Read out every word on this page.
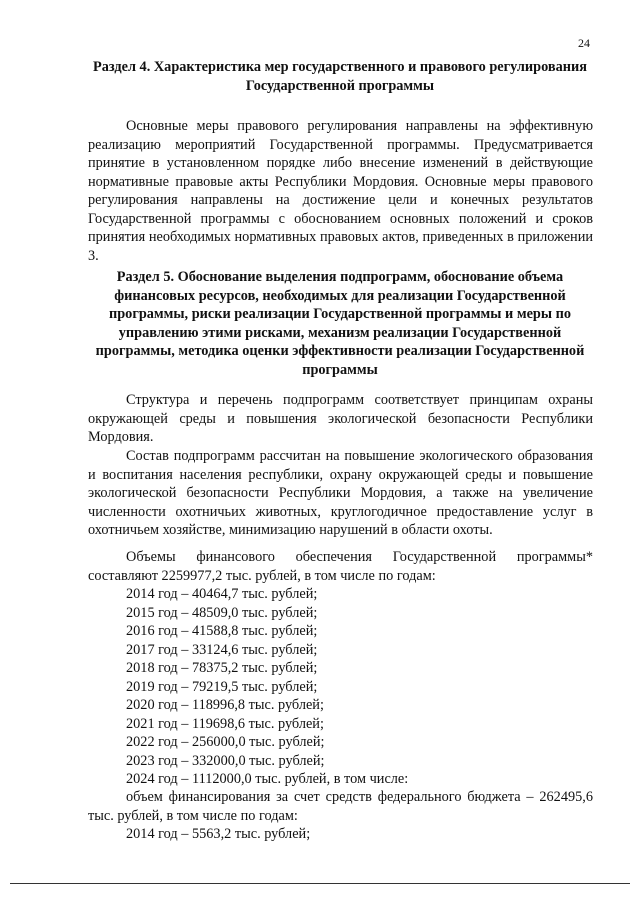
24
Раздел 4. Характеристика мер государственного и правового регулирования Государственной программы

Основные меры правового регулирования направлены на эффективную реализацию мероприятий Государственной программы. Предусматривается принятие в установленном порядке либо внесение изменений в действующие нормативные правовые акты Республики Мордовия. Основные меры правового регулирования направлены на достижение цели и конечных результатов Государственной программы с обоснованием основных положений и сроков принятия необходимых нормативных правовых актов, приведенных в приложении 3.

Раздел 5. Обоснование выделения подпрограмм, обоснование объема финансовых ресурсов, необходимых для реализации Государственной программы, риски реализации Государственной программы и меры по управлению этими рисками, механизм реализации Государственной программы, методика оценки эффективности реализации Государственной программы

Структура и перечень подпрограмм соответствует принципам охраны окружающей среды и повышения экологической безопасности Республики Мордовия.

Состав подпрограмм рассчитан на повышение экологического образования и воспитания населения республики, охрану окружающей среды и повышение экологической безопасности Республики Мордовия, а также на увеличение численности охотничьих животных, круглогодичное предоставление услуг в охотничьем хозяйстве, минимизацию нарушений в области охоты.

Объемы финансового обеспечения Государственной программы* составляют 2259977,2 тыс. рублей, в том числе по годам:

2014 год – 40464,7 тыс. рублей;
2015 год – 48509,0 тыс. рублей;
2016 год – 41588,8 тыс. рублей;
2017 год – 33124,6 тыс. рублей;
2018 год – 78375,2 тыс. рублей;
2019 год – 79219,5 тыс. рублей;
2020 год – 118996,8 тыс. рублей;
2021 год – 119698,6 тыс. рублей;
2022 год – 256000,0 тыс. рублей;
2023 год – 332000,0 тыс. рублей;
2024 год – 1112000,0 тыс. рублей, в том числе:

объем финансирования за счет средств федерального бюджета – 262495,6 тыс. рублей, в том числе по годам:

2014 год – 5563,2 тыс. рублей;
